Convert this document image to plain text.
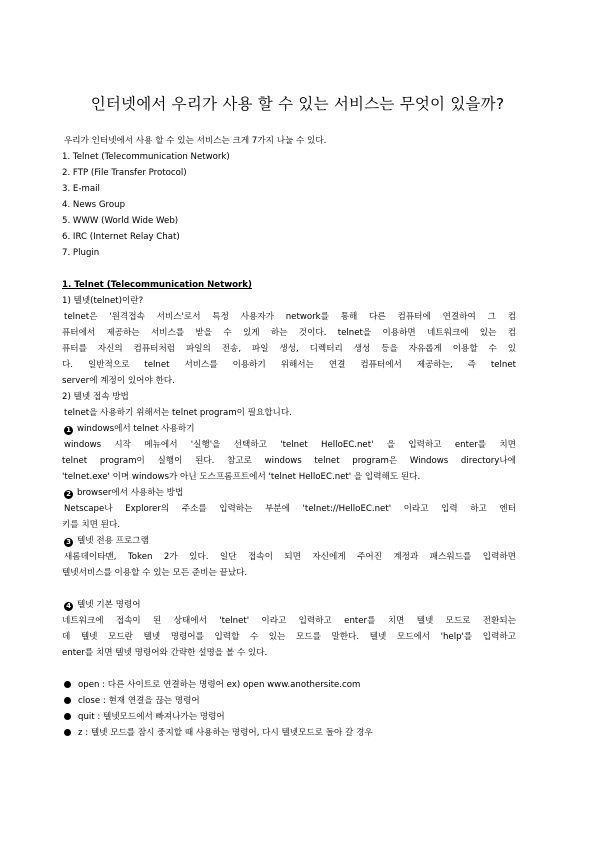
인터넷에서 우리가 사용 할 수 있는 서비스는 무엇이 있을까?
우리가 인터넷에서 사용 할 수 있는 서비스는 크게 7가지 나눌 수 있다.
1. Telnet (Telecommunication Network)
2. FTP (File Transfer Protocol)
3. E-mail
4. News Group
5. WWW (World Wide Web)
6. IRC (Internet Relay Chat)
7. Plugin
1. Telnet (Telecommunication Network)
1) 텔넷(telnet)이란?
telnet은 '원격접속 서비스'로서 특정 사용자가 network를 통해 다른 컴퓨터에 연결하여 그 컴
퓨터에서 제공하는 서비스를 받을 수 있게 하는 것이다. telnet을 이용하면 네트워크에 있는 컴
퓨터를 자신의 컴퓨터처럼 파일의 전송, 파일 생성, 디렉터리 생성 등을 자유롭게 이용할 수 있
다. 일반적으로 telnet 서비스를 이용하기 위해서는 연결 컴퓨터에서 제공하는, 즉 telnet
server에 계정이 있어야 한다.
2) 텔넷 접속 방법
telnet을 사용하기 위해서는 telnet program이 필요합니다.
1 windows에서 telnet 사용하기
windows 시작 메뉴에서 '실행'을 선택하고 'telnet HelloEC.net' 을 입력하고 enter를 치면
telnet program이 실행이 된다. 참고로 windows telnet program은 Windows directory나에
'telnet.exe' 이며 windows가 아닌 도스프롬프트에서 'telnet HelloEC.net' 을 입력해도 된다.
2 browser에서 사용하는 방법
Netscape나 Explorer의 주소를 입력하는 부분에 'telnet://HelloEC.net' 이라고 입력 하고 엔터
키를 치면 된다.
3 텔넷 전용 프로그램
새롬데이타맨, Token 2가 있다. 일단 접속이 되면 자신에게 주어진 계정과 패스워드를 입력하면
텔넷서비스를 이용할 수 있는 모든 준비는 끝났다.
4 텔넷 기본 명령어
네트워크에 접속이 된 상태에서 'telnet' 이라고 입력하고 enter를 치면 텔넷 모드로 전환되는
데 텔넷 모드란 텔넷 명령어를 입력할 수 있는 모드를 말한다. 텔넷 모드에서 'help'를 입력하고
enter를 치면 텔넷 명령어와 간략한 설명을 볼 수 있다.
open : 다른 사이트로 연결하는 명령어 ex) open www.anothersite.com
close : 현재 연결을 끊는 명령어
quit : 텔넷모드에서 빠져나가는 명령어
z : 텔넷 모드를 잠시 중지할 때 사용하는 명령어, 다시 텔넷모드로 돌아 갈 경우
